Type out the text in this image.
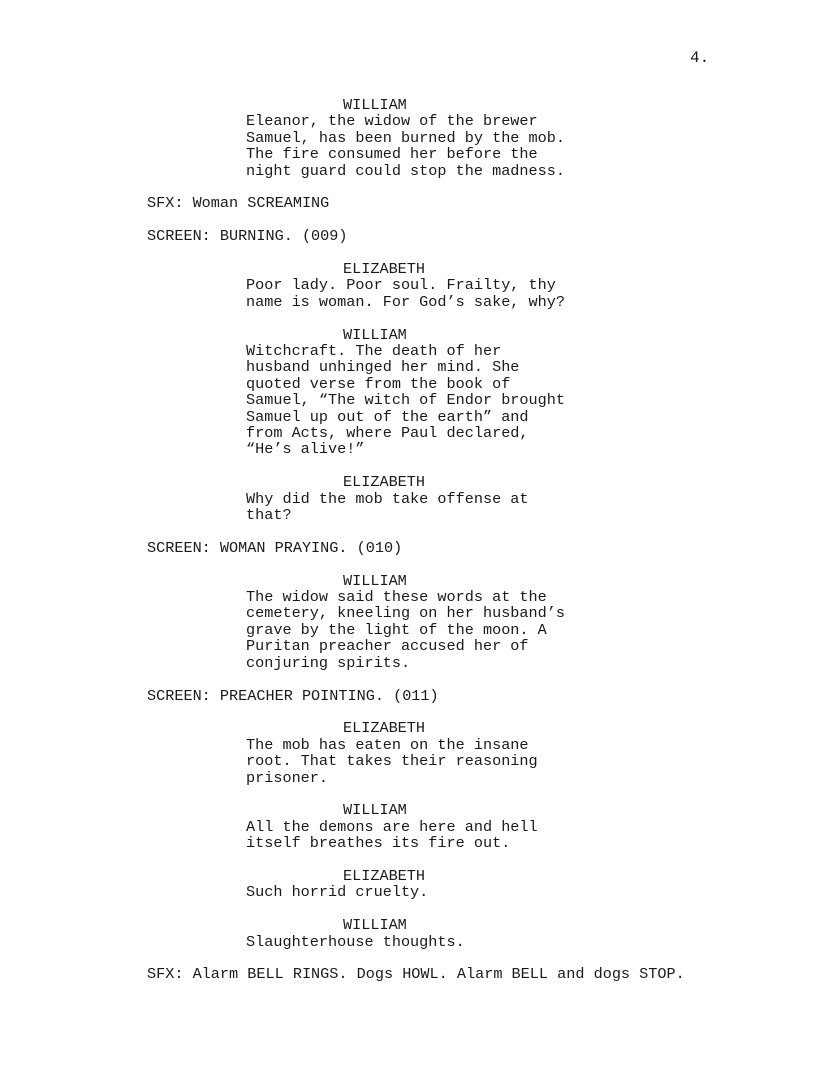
4.
WILLIAM
Eleanor, the widow of the brewer
Samuel, has been burned by the mob.
The fire consumed her before the
night guard could stop the madness.
SFX: Woman SCREAMING
SCREEN: BURNING. (009)
ELIZABETH
Poor lady. Poor soul. Frailty, thy
name is woman. For God’s sake, why?
WILLIAM
Witchcraft. The death of her
husband unhinged her mind. She
quoted verse from the book of
Samuel, “The witch of Endor brought
Samuel up out of the earth” and
from Acts, where Paul declared,
“He’s alive!”
ELIZABETH
Why did the mob take offense at
that?
SCREEN: WOMAN PRAYING. (010)
WILLIAM
The widow said these words at the
cemetery, kneeling on her husband’s
grave by the light of the moon. A
Puritan preacher accused her of
conjuring spirits.
SCREEN: PREACHER POINTING. (011)
ELIZABETH
The mob has eaten on the insane
root. That takes their reasoning
prisoner.
WILLIAM
All the demons are here and hell
itself breathes its fire out.
ELIZABETH
Such horrid cruelty.
WILLIAM
Slaughterhouse thoughts.
SFX: Alarm BELL RINGS. Dogs HOWL. Alarm BELL and dogs STOP.
